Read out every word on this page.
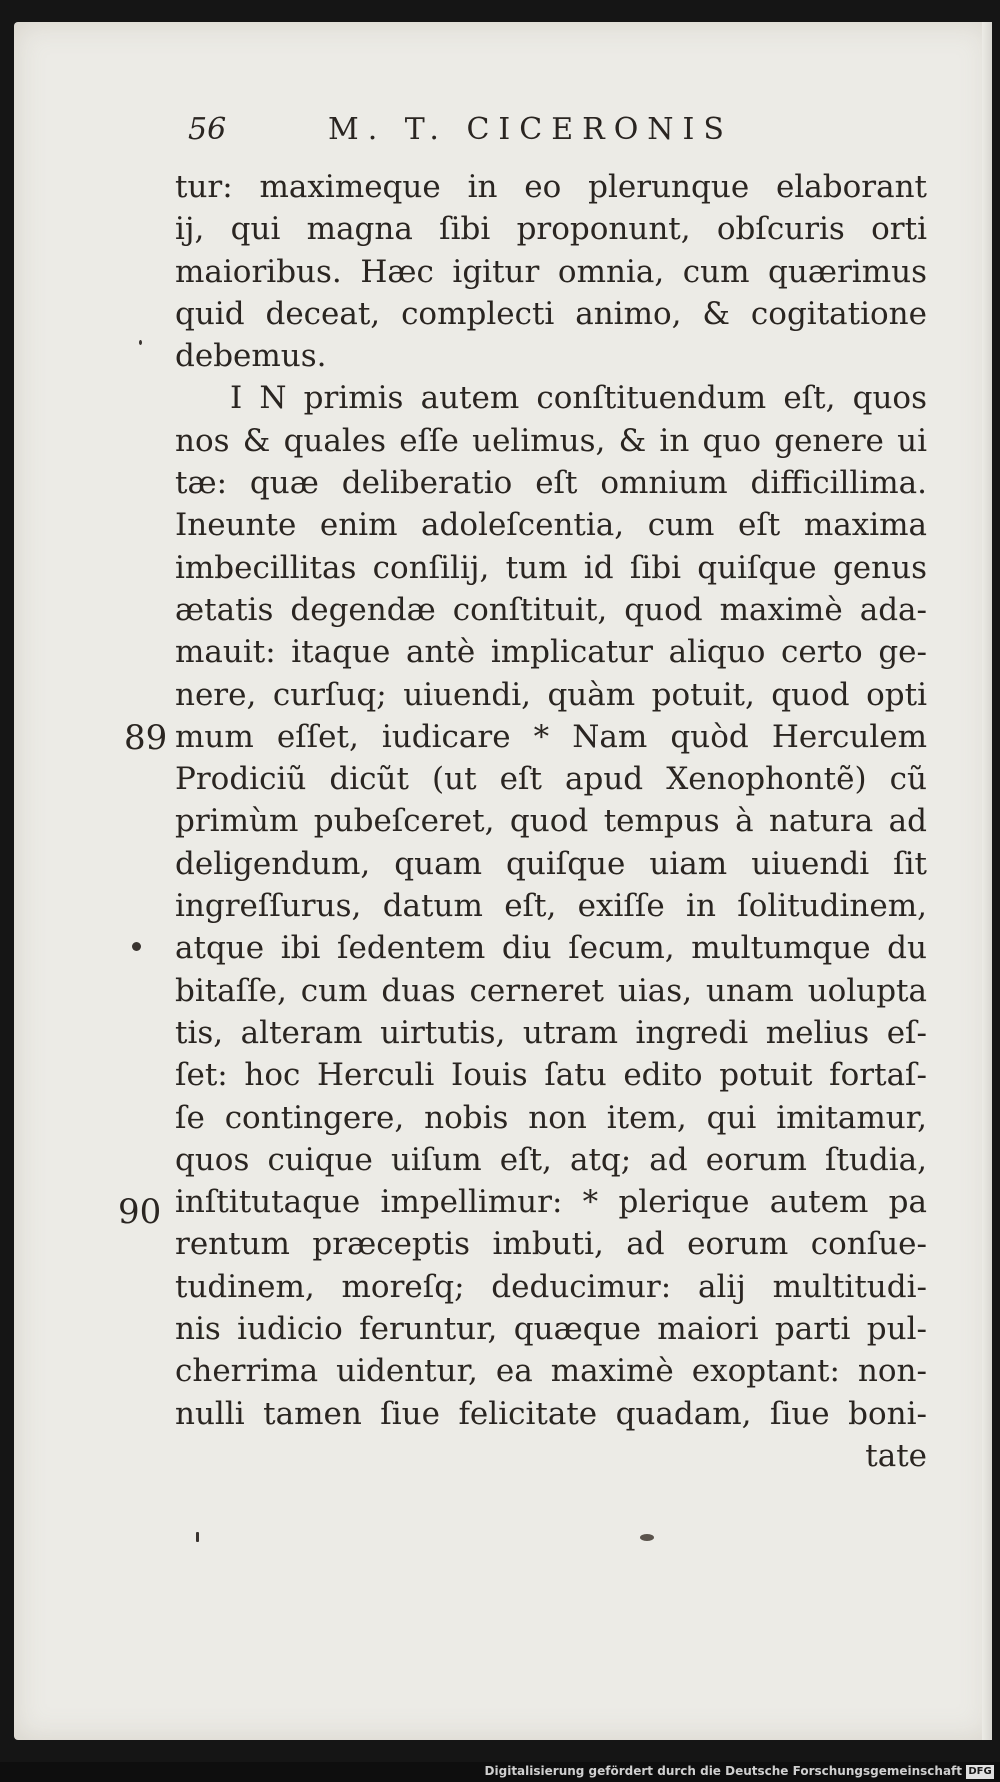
56	M. T. CICERONIS
tur: maximeque in eo plerunque elaborant
ij, qui magna ſibi proponunt, obſcuris orti
maioribus. Hæc igitur omnia, cum quærimus
quid deceat, complecti animo, & cogitatione
debemus.
I N primis autem conſtituendum eſt, quos
nos & quales eſſe uelimus, & in quo genere ui
tæ: quæ deliberatio eſt omnium difficillima.
Ineunte enim adoleſcentia, cum eſt maxima
imbecillitas conſilij, tum id ſibi quiſque genus
ætatis degendæ conſtituit, quod maximè ada-
mauit: itaque antè implicatur aliquo certo ge-
nere, curſuq; uiuendi, quàm potuit, quod opti
mum eſſet, iudicare * Nam quòd Herculem
Prodiciũ dicũt (ut eſt apud Xenophontẽ) cũ
primùm pubeſceret, quod tempus à natura ad
deligendum, quam quiſque uiam uiuendi ſit
ingreſſurus, datum eſt, exiſſe in ſolitudinem,
atque ibi ſedentem diu ſecum, multumque du
bitaſſe, cum duas cerneret uias, unam uolupta
tis, alteram uirtutis, utram ingredi melius eſ-
ſet: hoc Herculi Iouis ſatu edito potuit fortaſ-
ſe contingere, nobis non item, qui imitamur,
quos cuique uiſum eſt, atq; ad eorum ſtudia,
inſtitutaque impellimur: * plerique autem pa
rentum præceptis imbuti, ad eorum conſue-
tudinem, moreſq; deducimur: alij multitudi-
nis iudicio feruntur, quæque maiori parti pul-
cherrima uidentur, ea maximè exoptant: non-
nulli tamen ſiue felicitate quadam, ſiue boni-
tate
89
90
Digitalisierung gefördert durch die Deutsche Forschungsgemeinschaft DFG
